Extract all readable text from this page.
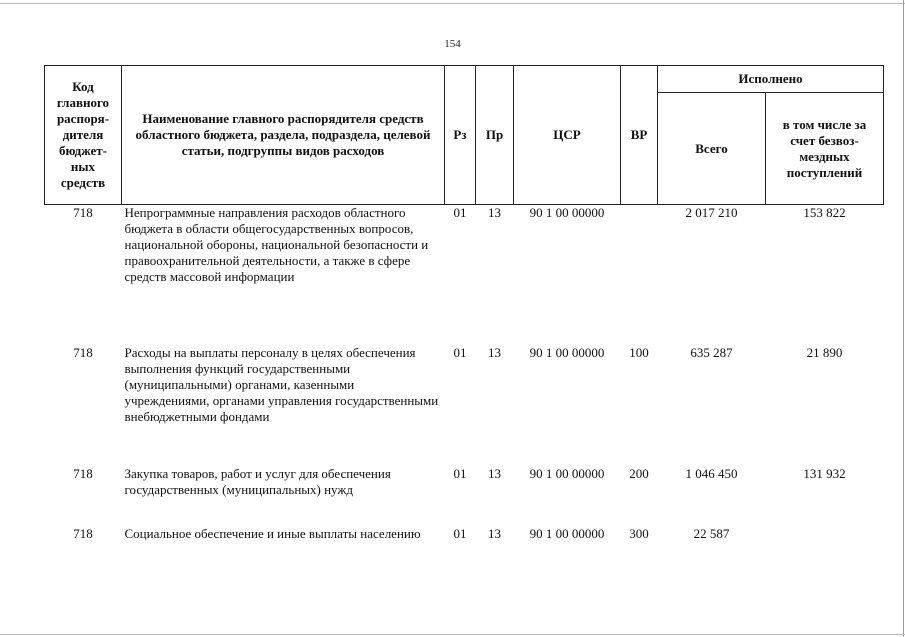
154
Код главного распоря-дителя бюджет-ных средств	Наименование главного распорядителя средств областного бюджета, раздела, подраздела, целевой статьи, подгруппы видов расходов	Рз	Пр	ЦСР	ВР	Исполнено	
						Всего	в том числе за счет безвоз-мездных поступлений
718	Непрограммные направления расходов областного бюджета в области общегосударственных вопросов, национальной обороны, национальной безопасности и правоохранительной деятельности, а также в сфере средств массовой информации	01	13	90 1 00 00000		2 017 210	153 822
718	Расходы на выплаты персоналу в целях обеспечения выполнения функций государственными (муниципальными) органами, казенными учреждениями, органами управления государственными внебюджетными фондами	01	13	90 1 00 00000	100	635 287	21 890
718	Закупка товаров, работ и услуг для обеспечения государственных (муниципальных) нужд	01	13	90 1 00 00000	200	1 046 450	131 932
718	Социальное обеспечение и иные выплаты населению	01	13	90 1 00 00000	300	22 587	
